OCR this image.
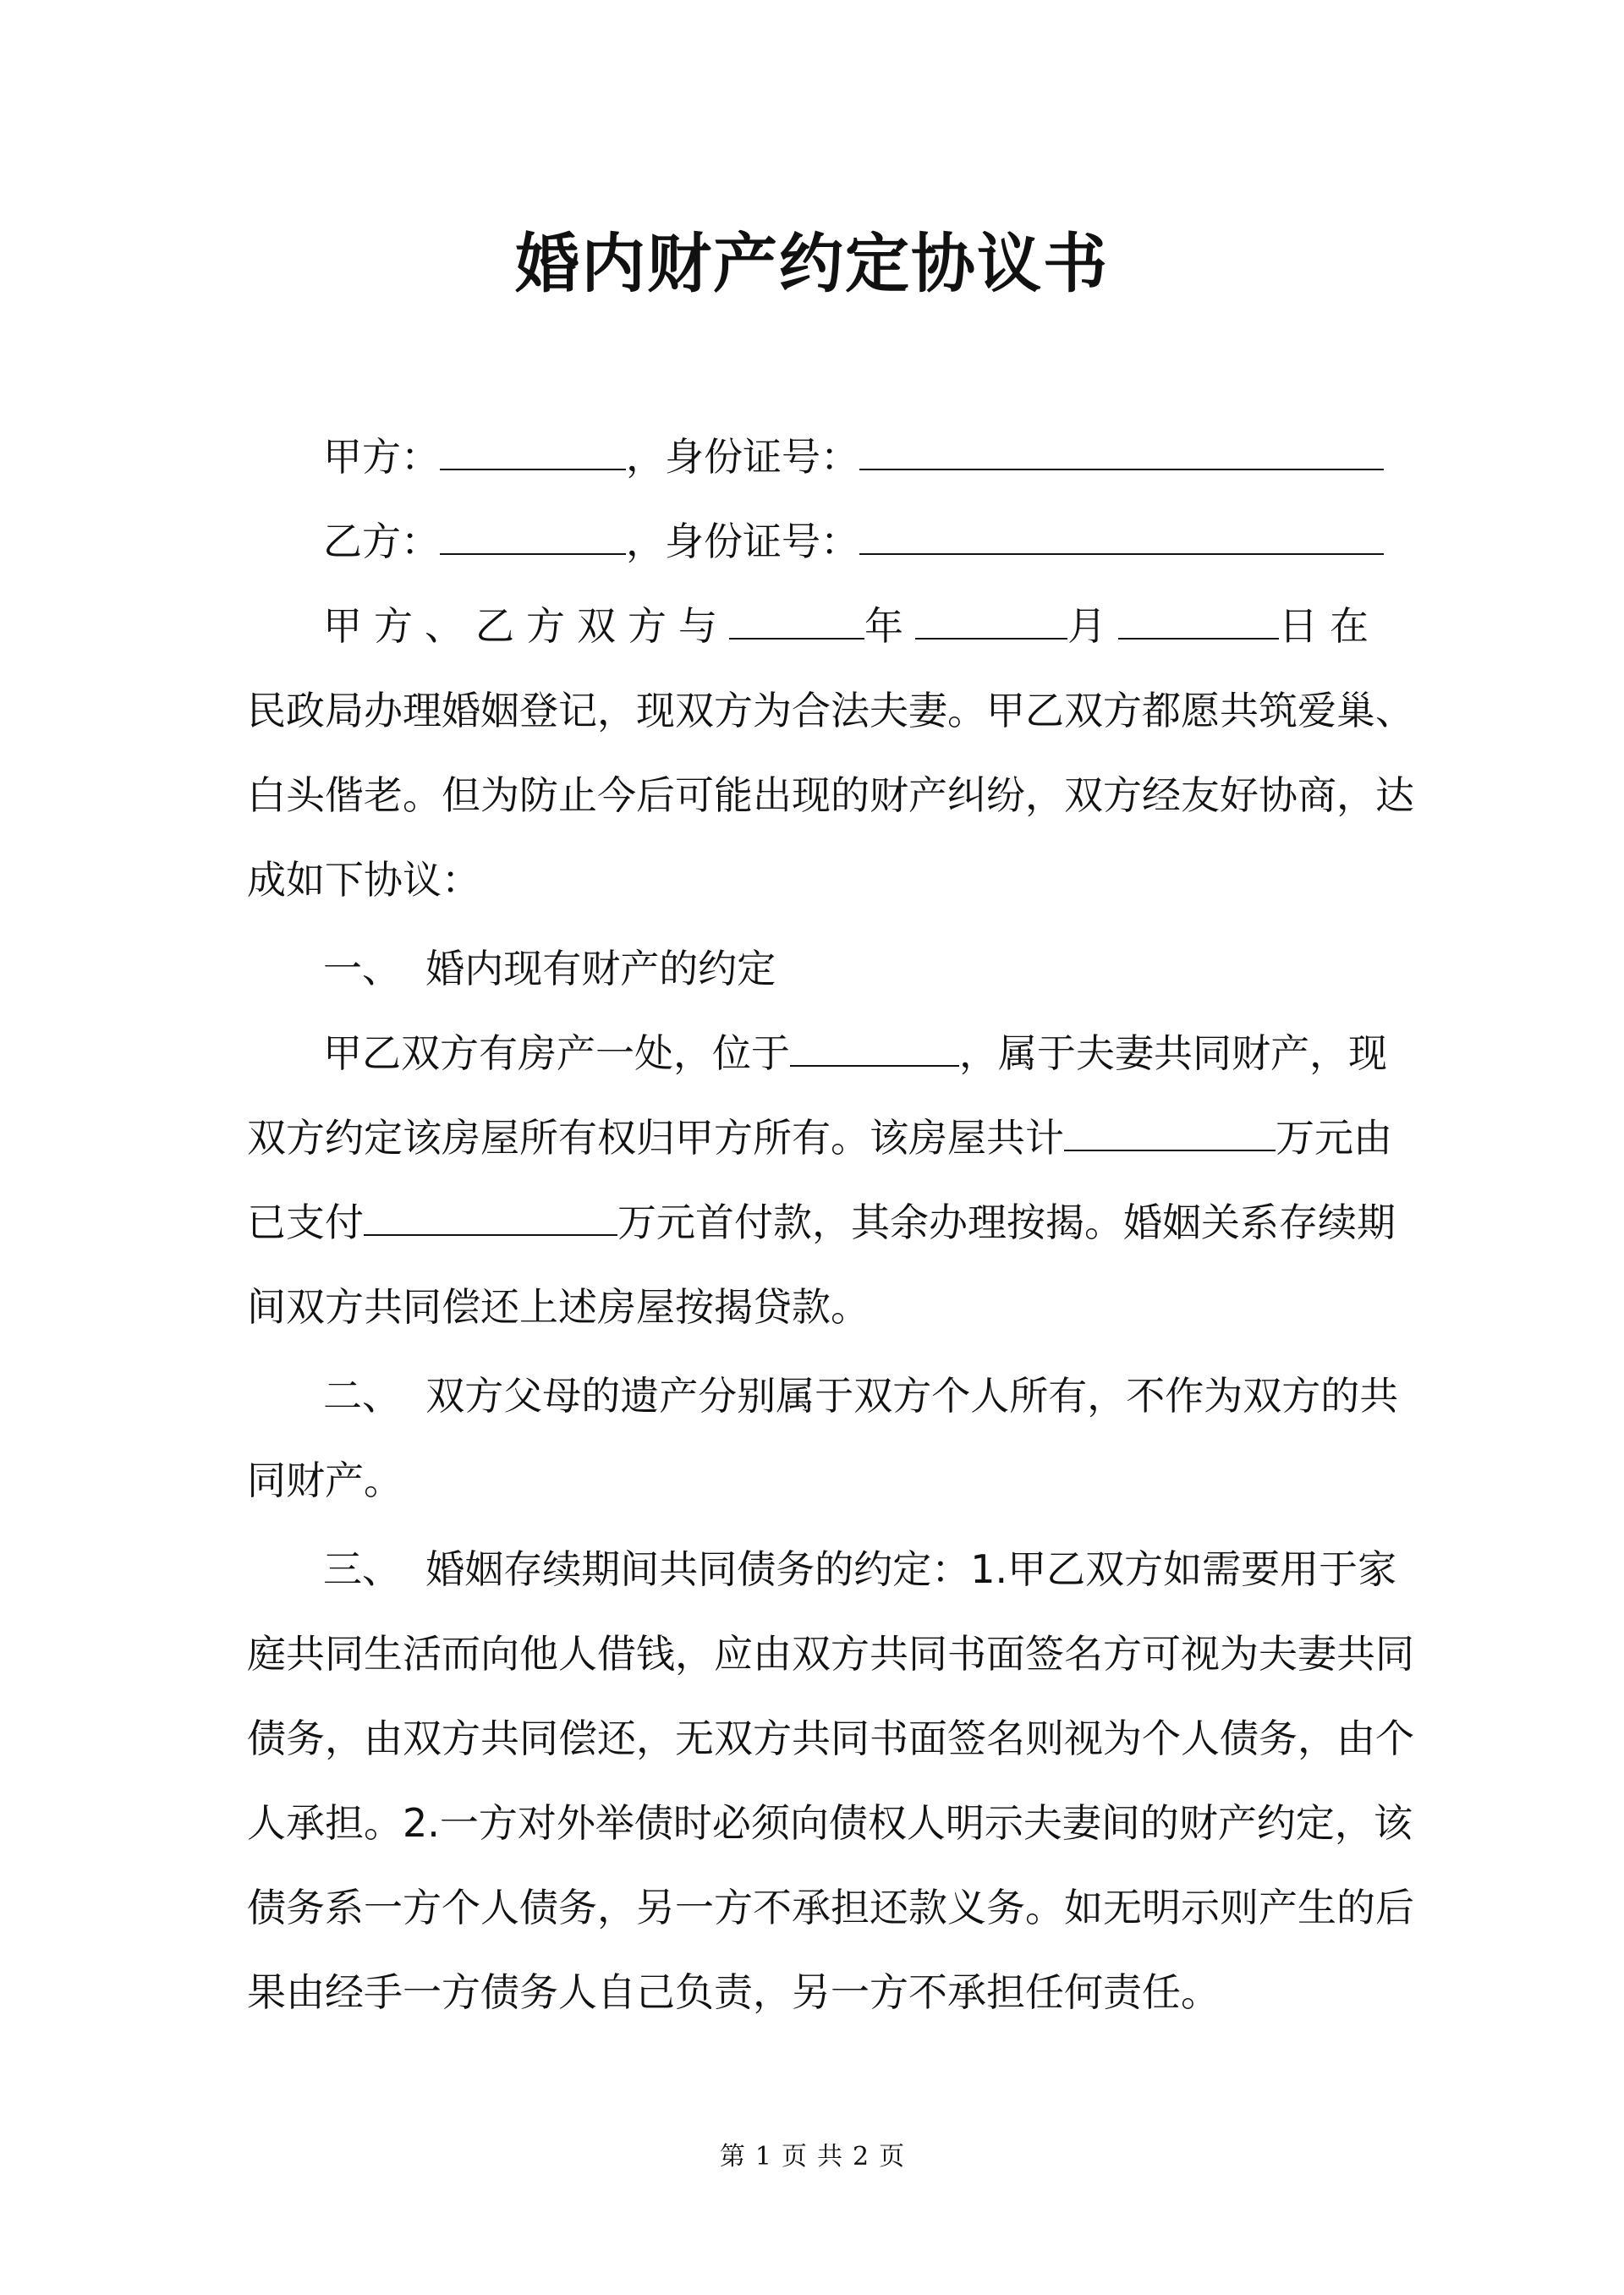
婚内财产约定协议书
甲方：	，身份证号：
乙方：	，身份证号：
甲方、乙方双方与	年	月	日在
民政局办理婚姻登记，现双方为合法夫妻。甲乙双方都愿共筑爱巢、
白头偕老。但为防止今后可能出现的财产纠纷，双方经友好协商，达
成如下协议：
一、  婚内现有财产的约定
甲乙双方有房产一处，位于	，属于夫妻共同财产，现
双方约定该房屋所有权归甲方所有。该房屋共计	万元由
已支付	万元首付款，其余办理按揭。婚姻关系存续期
间双方共同偿还上述房屋按揭贷款。
二、  双方父母的遗产分别属于双方个人所有，不作为双方的共
同财产。
三、  婚姻存续期间共同债务的约定：1.甲乙双方如需要用于家
庭共同生活而向他人借钱，应由双方共同书面签名方可视为夫妻共同
债务，由双方共同偿还，无双方共同书面签名则视为个人债务，由个
人承担。2.一方对外举债时必须向债权人明示夫妻间的财产约定，该
债务系一方个人债务，另一方不承担还款义务。如无明示则产生的后
果由经手一方债务人自己负责，另一方不承担任何责任。
第 1 页 共 2 页
